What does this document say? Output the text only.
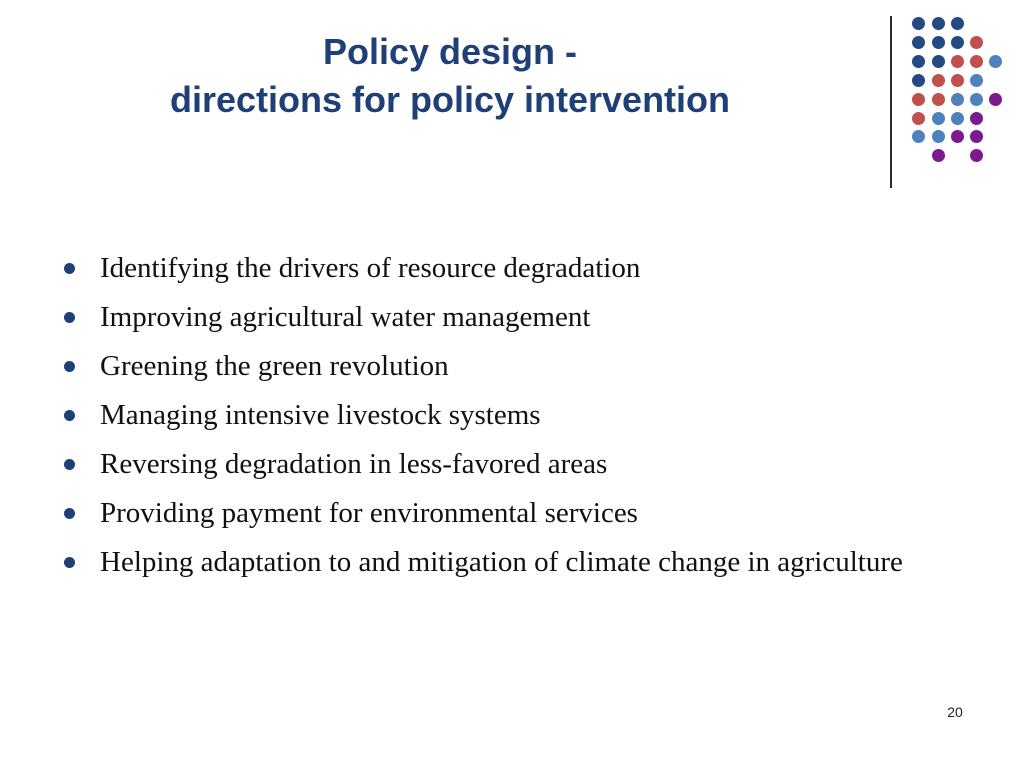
Policy design -
directions for policy intervention
Identifying the drivers of resource degradation
Improving agricultural water management
Greening the green revolution
Managing intensive livestock systems
Reversing degradation in less-favored areas
Providing payment for environmental services
Helping adaptation to and mitigation of climate change in agriculture
20
